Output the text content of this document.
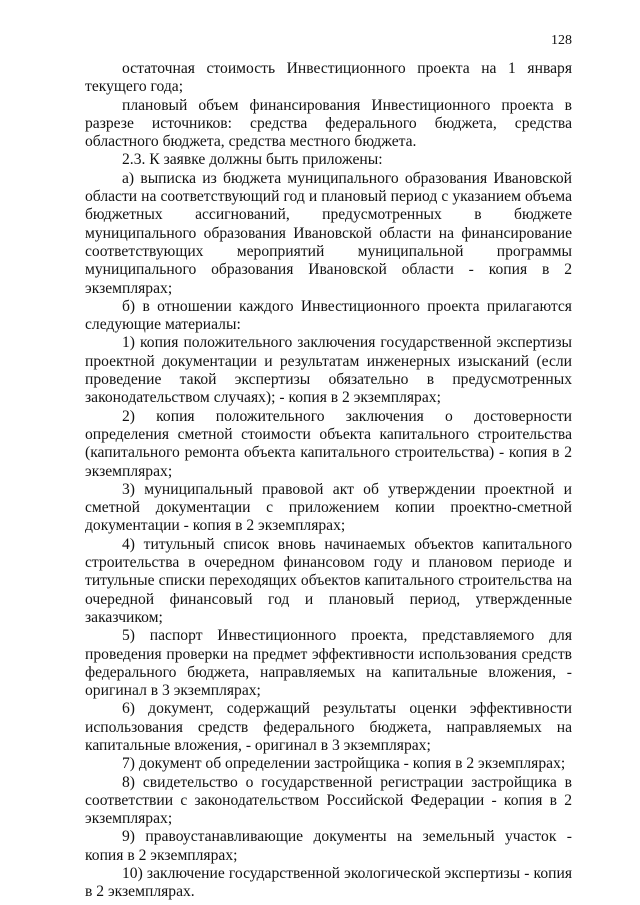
128

остаточная стоимость Инвестиционного проекта на 1 января текущего года;

плановый объем финансирования Инвестиционного проекта в разрезе источников: средства федерального бюджета, средства областного бюджета, средства местного бюджета.

2.3. К заявке должны быть приложены:

а) выписка из бюджета муниципального образования Ивановской области на соответствующий год и плановый период с указанием объема бюджетных ассигнований, предусмотренных в бюджете муниципального образования Ивановской области на финансирование соответствующих мероприятий муниципальной программы муниципального образования Ивановской области - копия в 2 экземплярах;

б) в отношении каждого Инвестиционного проекта прилагаются следующие материалы:

1) копия положительного заключения государственной экспертизы проектной документации и результатам инженерных изысканий (если проведение такой экспертизы обязательно в предусмотренных законодательством случаях); - копия в 2 экземплярах;

2) копия положительного заключения о достоверности определения сметной стоимости объекта капитального строительства (капитального ремонта объекта капитального строительства) - копия в 2 экземплярах;

3) муниципальный правовой акт об утверждении проектной и сметной документации с приложением копии проектно-сметной документации - копия в 2 экземплярах;

4) титульный список вновь начинаемых объектов капитального строительства в очередном финансовом году и плановом периоде и титульные списки переходящих объектов капитального строительства на очередной финансовый год и плановый период, утвержденные заказчиком;

5) паспорт Инвестиционного проекта, представляемого для проведения проверки на предмет эффективности использования средств федерального бюджета, направляемых на капитальные вложения, - оригинал в 3 экземплярах;

6) документ, содержащий результаты оценки эффективности использования средств федерального бюджета, направляемых на капитальные вложения, - оригинал в 3 экземплярах;

7) документ об определении застройщика - копия в 2 экземплярах;

8) свидетельство о государственной регистрации застройщика в соответствии с законодательством Российской Федерации - копия в 2 экземплярах;

9) правоустанавливающие документы на земельный участок - копия в 2 экземплярах;

10) заключение государственной экологической экспертизы - копия в 2 экземплярах.
